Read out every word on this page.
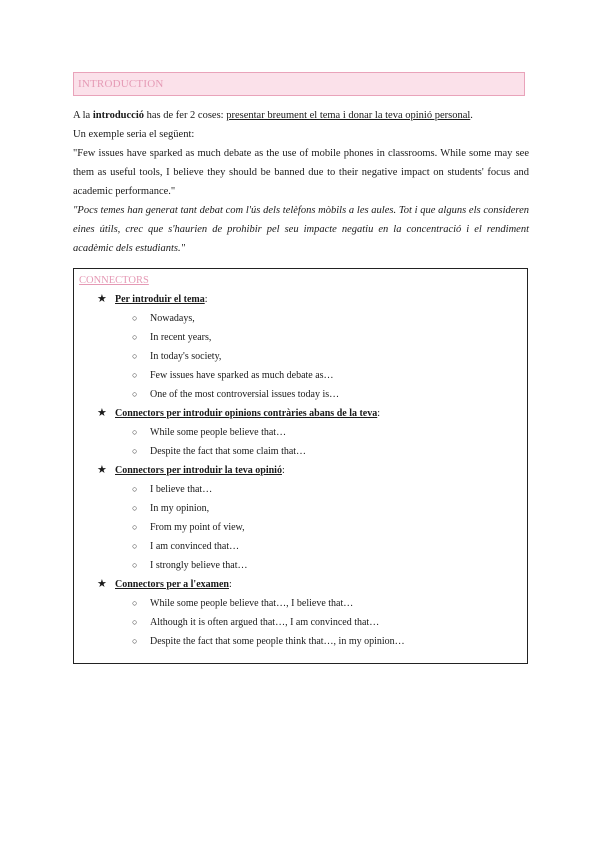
INTRODUCTION

A la introducció has de fer 2 coses: presentar breument el tema i donar la teva opinió personal.

Un exemple seria el següent:

"Few issues have sparked as much debate as the use of mobile phones in classrooms. While some may see them as useful tools, I believe they should be banned due to their negative impact on students' focus and academic performance."

"Pocs temes han generat tant debat com l'ús dels telèfons mòbils a les aules. Tot i que alguns els consideren eines útils, crec que s'haurien de prohibir pel seu impacte negatiu en la concentració i el rendiment acadèmic dels estudiants."

CONNECTORS
★ Per introduir el tema:
○ Nowadays,
○ In recent years,
○ In today's society,
○ Few issues have sparked as much debate as…
○ One of the most controversial issues today is…
★ Connectors per introduir opinions contràries abans de la teva:
○ While some people believe that…
○ Despite the fact that some claim that…
★ Connectors per introduir la teva opinió:
○ I believe that…
○ In my opinion,
○ From my point of view,
○ I am convinced that…
○ I strongly believe that…
★ Connectors per a l'examen:
○ While some people believe that…, I believe that…
○ Although it is often argued that…, I am convinced that…
○ Despite the fact that some people think that…, in my opinion…
